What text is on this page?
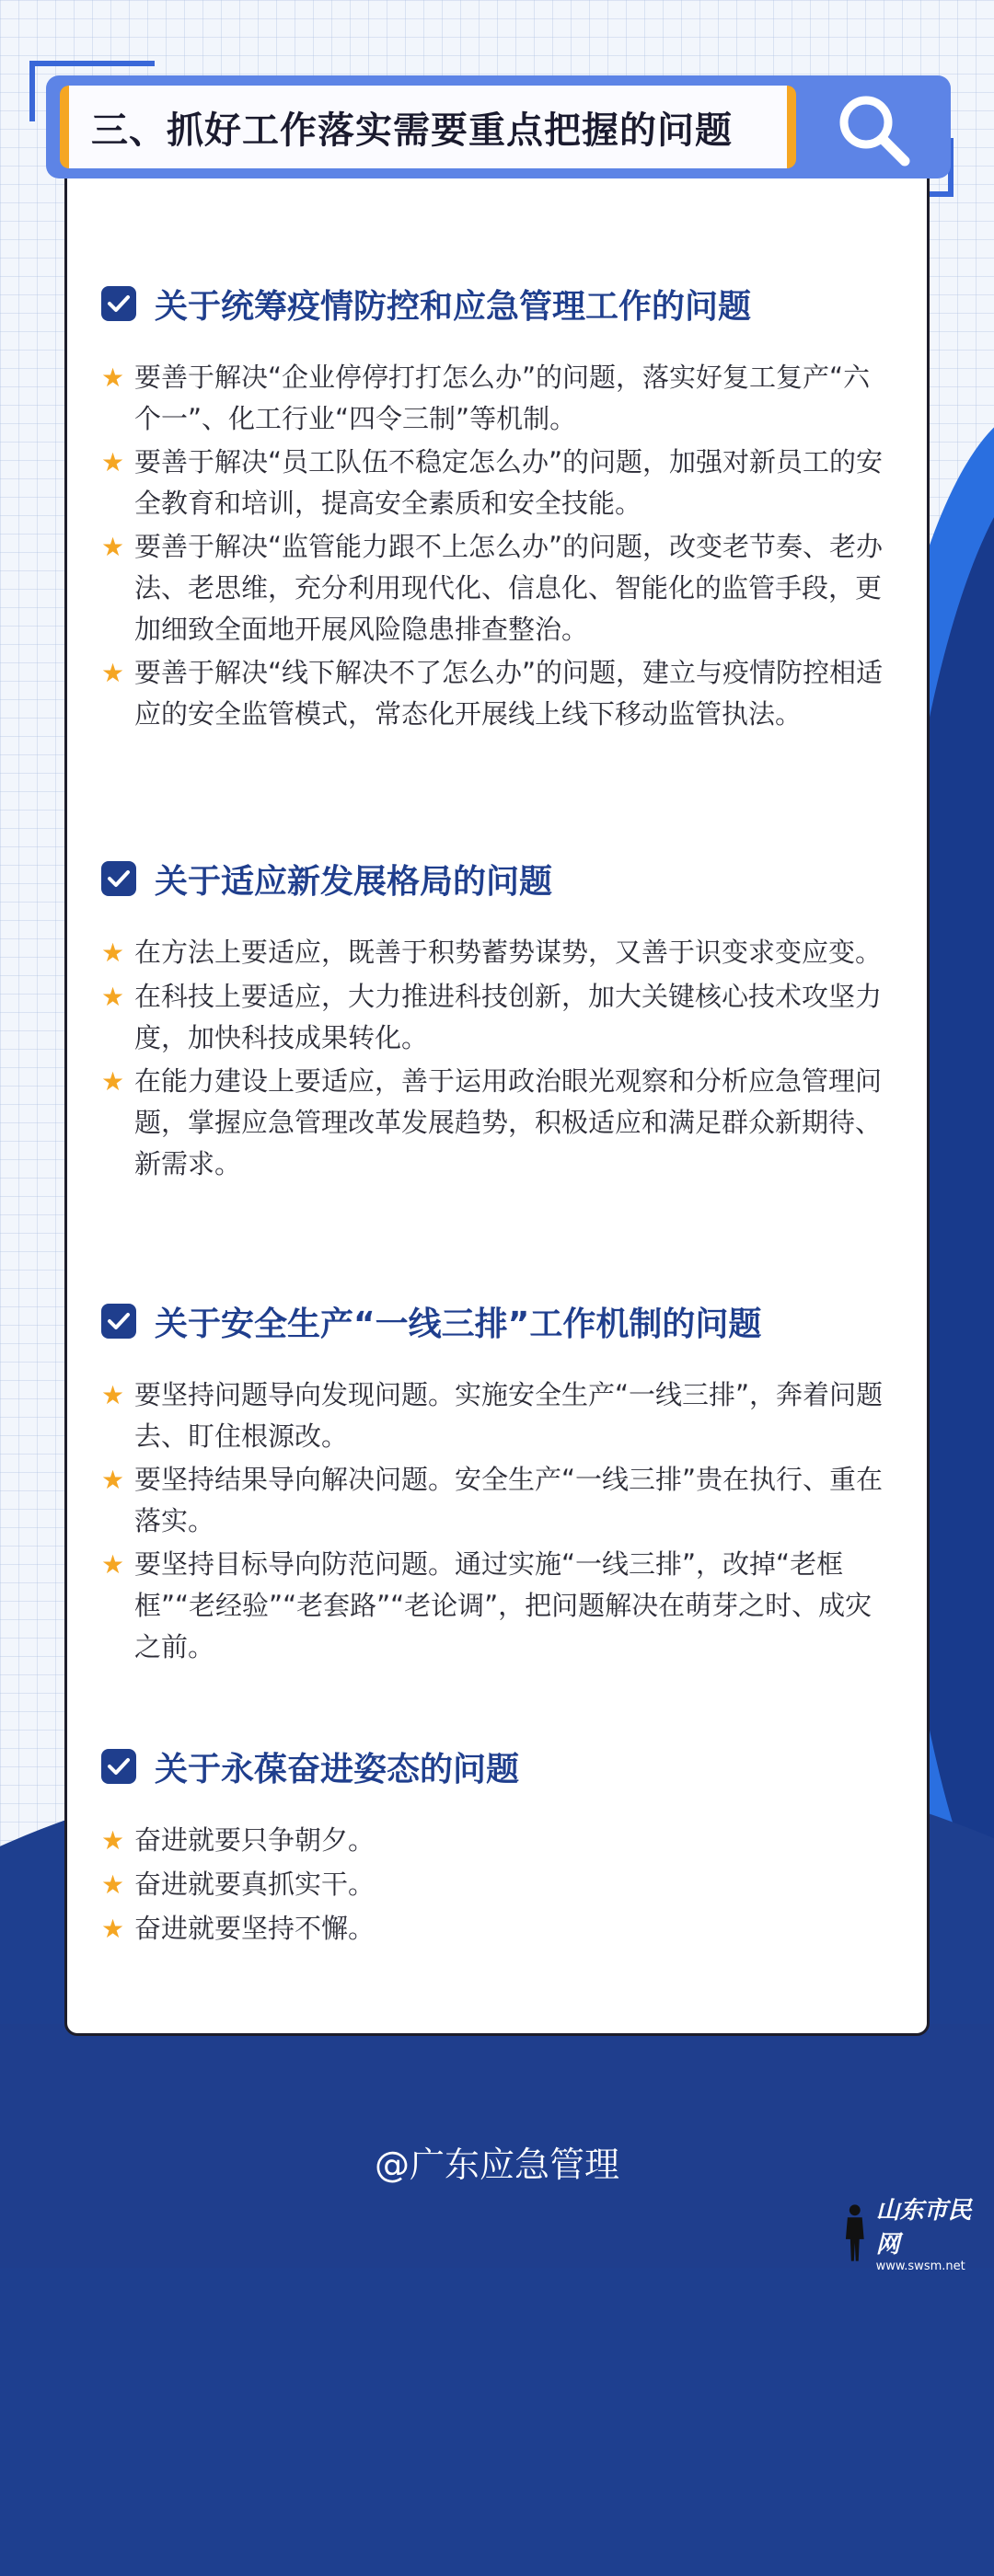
三、抓好工作落实需要重点把握的问题
关于统筹疫情防控和应急管理工作的问题
★ 要善于解决“企业停停打打怎么办”的问题，落实好复工复产“六个一”、化工行业“四令三制”等机制。
★ 要善于解决“员工队伍不稳定怎么办”的问题，加强对新员工的安全教育和培训，提高安全素质和安全技能。
★ 要善于解决“监管能力跟不上怎么办”的问题，改变老节奏、老办法、老思维，充分利用现代化、信息化、智能化的监管手段，更加细致全面地开展风险隐患排查整治。
★ 要善于解决“线下解决不了怎么办”的问题，建立与疫情防控相适应的安全监管模式，常态化开展线上线下移动监管执法。
关于适应新发展格局的问题
★ 在方法上要适应，既善于积势蓄势谋势，又善于识变求变应变。
★ 在科技上要适应，大力推进科技创新，加大关键核心技术攻坚力度，加快科技成果转化。
★ 在能力建设上要适应，善于运用政治眼光观察和分析应急管理问题，掌握应急管理改革发展趋势，积极适应和满足群众新期待、新需求。
关于安全生产“一线三排”工作机制的问题
★ 要坚持问题导向发现问题。实施安全生产“一线三排”，奔着问题去、盯住根源改。
★ 要坚持结果导向解决问题。安全生产“一线三排”贵在执行、重在落实。
★ 要坚持目标导向防范问题。通过实施“一线三排”，改掉“老框框”“老经验”“老套路”“老论调”，把问题解决在萌芽之时、成灾之前。
关于永葆奋进姿态的问题
★ 奋进就要只争朝夕。
★ 奋进就要真抓实干。
★ 奋进就要坚持不懈。
@广东应急管理
山东市民网
www.swsm.net
